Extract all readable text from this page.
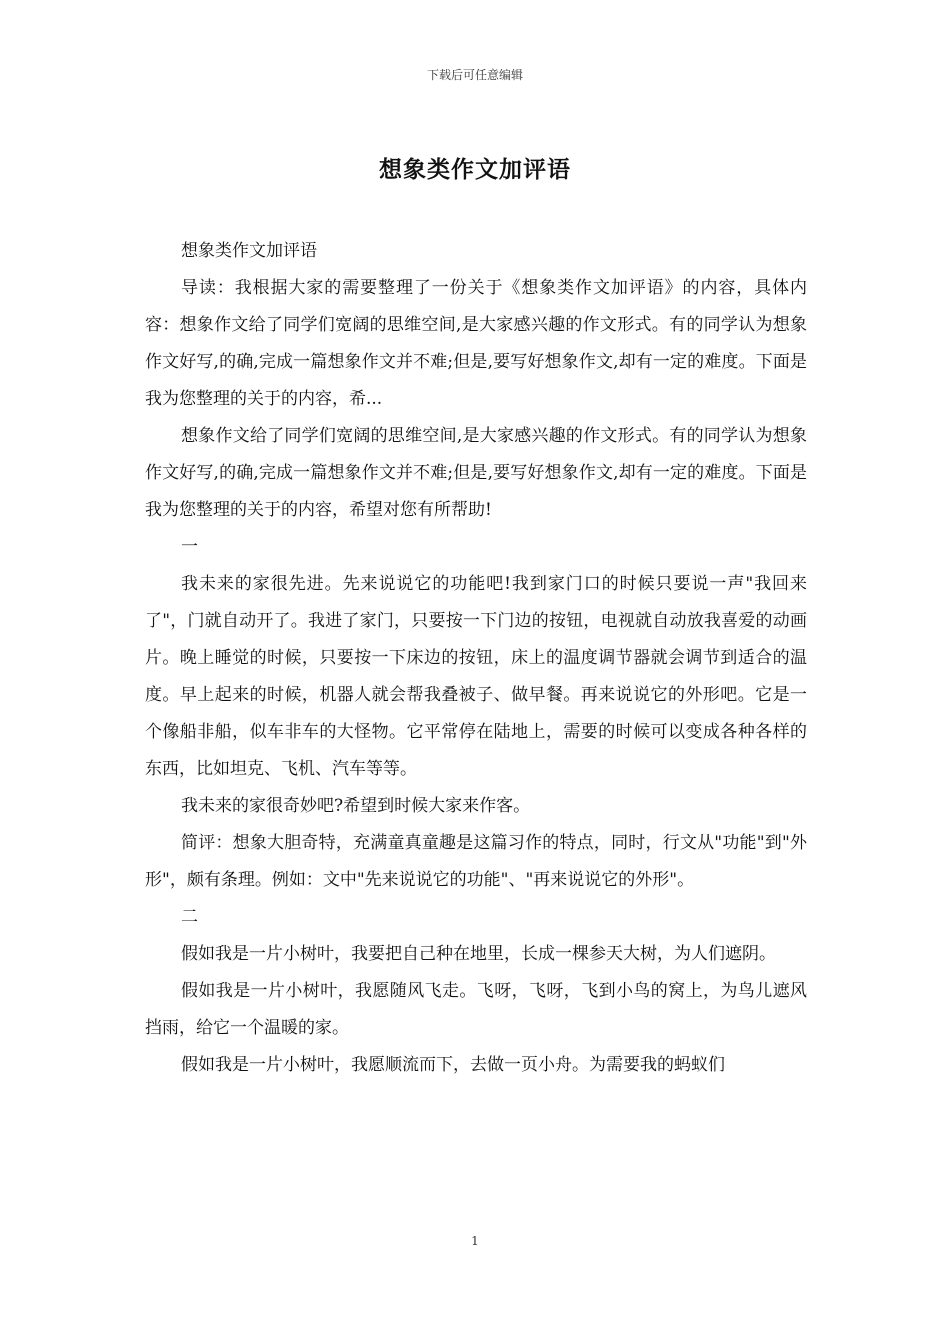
下载后可任意编辑
想象类作文加评语

想象类作文加评语

导读：我根据大家的需要整理了一份关于《想象类作文加评语》的内容，具体内容：想象作文给了同学们宽阔的思维空间,是大家感兴趣的作文形式。有的同学认为想象作文好写,的确,完成一篇想象作文并不难;但是,要写好想象作文,却有一定的难度。下面是我为您整理的关于的内容，希...

想象作文给了同学们宽阔的思维空间,是大家感兴趣的作文形式。有的同学认为想象作文好写,的确,完成一篇想象作文并不难;但是,要写好想象作文,却有一定的难度。下面是我为您整理的关于的内容，希望对您有所帮助!

一

我未来的家很先进。先来说说它的功能吧!我到家门口的时候只要说一声"我回来了"，门就自动开了。我进了家门，只要按一下门边的按钮，电视就自动放我喜爱的动画片。晚上睡觉的时候，只要按一下床边的按钮，床上的温度调节器就会调节到适合的温度。早上起来的时候，机器人就会帮我叠被子、做早餐。再来说说它的外形吧。它是一个像船非船，似车非车的大怪物。它平常停在陆地上，需要的时候可以变成各种各样的东西，比如坦克、飞机、汽车等等。

我未来的家很奇妙吧?希望到时候大家来作客。

简评：想象大胆奇特，充满童真童趣是这篇习作的特点，同时，行文从"功能"到"外形"，颇有条理。例如：文中"先来说说它的功能"、"再来说说它的外形"。

二

假如我是一片小树叶，我要把自己种在地里，长成一棵参天大树，为人们遮阴。

假如我是一片小树叶，我愿随风飞走。飞呀，飞呀，飞到小鸟的窝上，为鸟儿遮风挡雨，给它一个温暖的家。

假如我是一片小树叶，我愿顺流而下，去做一页小舟。为需要我的蚂蚁们

1
